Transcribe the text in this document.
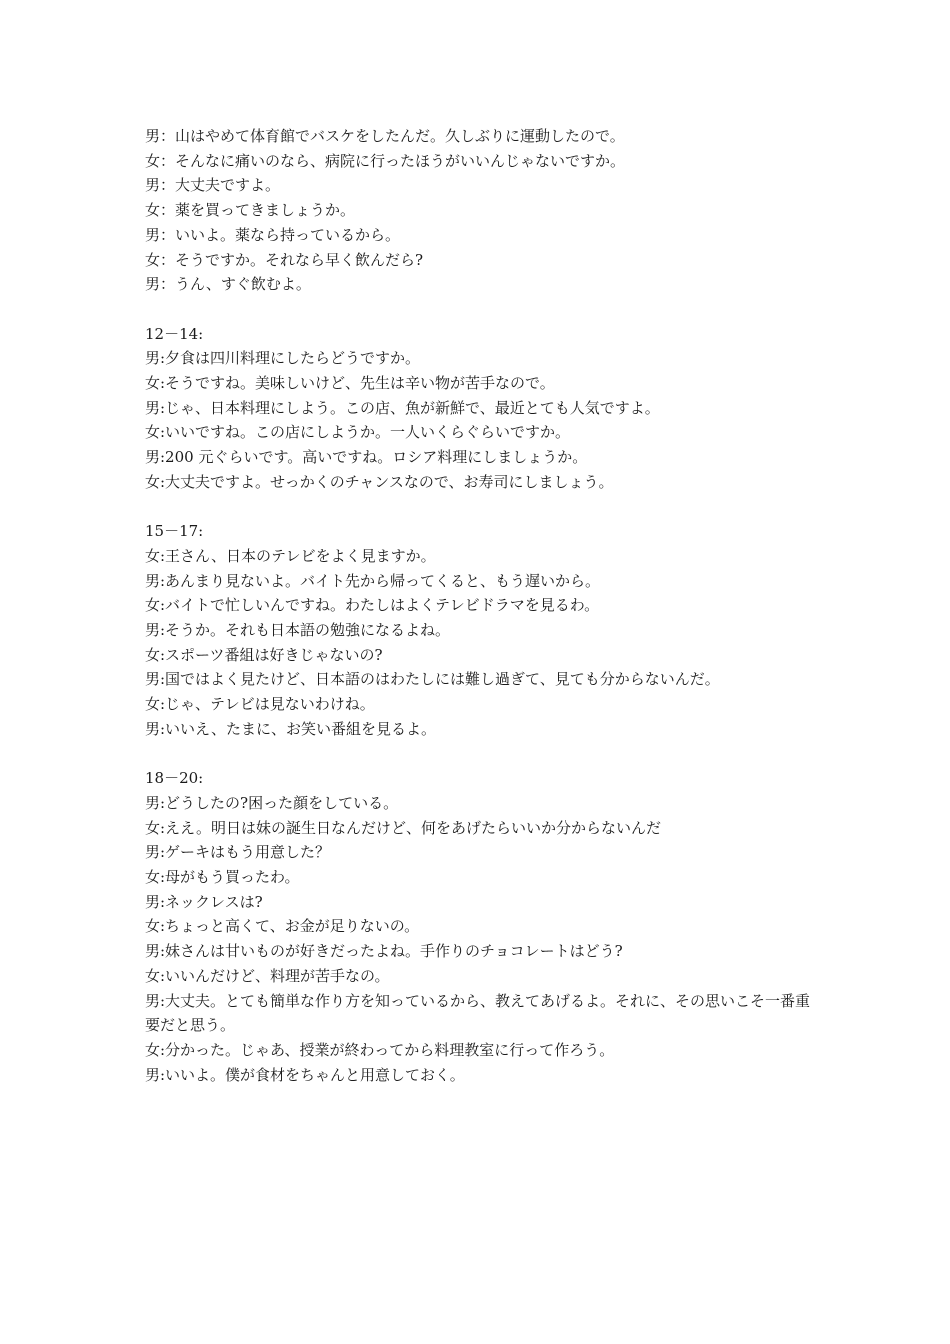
男：山はやめて体育館でバスケをしたんだ。久しぶりに運動したので。
女：そんなに痛いのなら、病院に行ったほうがいいんじゃないですか。
男：大丈夫ですよ。
女：薬を買ってきましょうか。
男：いいよ。薬なら持っているから。
女：そうですか。それなら早く飲んだら?
男：うん、すぐ飲むよ。
12－14:
男:夕食は四川料理にしたらどうですか。
女:そうですね。美味しいけど、先生は辛い物が苦手なので。
男:じゃ、日本料理にしよう。この店、魚が新鮮で、最近とても人気ですよ。
女:いいですね。この店にしようか。一人いくらぐらいですか。
男:200 元ぐらいです。高いですね。ロシア料理にしましょうか。
女:大丈夫ですよ。せっかくのチャンスなので、お寿司にしましょう。
15－17:
女:王さん、日本のテレビをよく見ますか。
男:あんまり見ないよ。バイト先から帰ってくると、もう遅いから。
女:バイトで忙しいんですね。わたしはよくテレビドラマを見るわ。
男:そうか。それも日本語の勉強になるよね。
女:スポーツ番組は好きじゃないの?
男:国ではよく見たけど、日本語のはわたしには難し過ぎて、見ても分からないんだ。
女:じゃ、テレビは見ないわけね。
男:いいえ、たまに、お笑い番組を見るよ。
18－20:
男:どうしたの?困った顔をしている。
女:ええ。明日は妹の誕生日なんだけど、何をあげたらいいか分からないんだ
男:ゲーキはもう用意した？
女:母がもう買ったわ。
男:ネックレスは?
女:ちょっと高くて、お金が足りないの。
男:妹さんは甘いものが好きだったよね。手作りのチョコレートはどう?
女:いいんだけど、料理が苦手なの。
男:大丈夫。とても簡単な作り方を知っているから、教えてあげるよ。それに、その思いこそ一番重要だと思う。
女:分かった。じゃあ、授業が終わってから料理教室に行って作ろう。
男:いいよ。僕が食材をちゃんと用意しておく。
